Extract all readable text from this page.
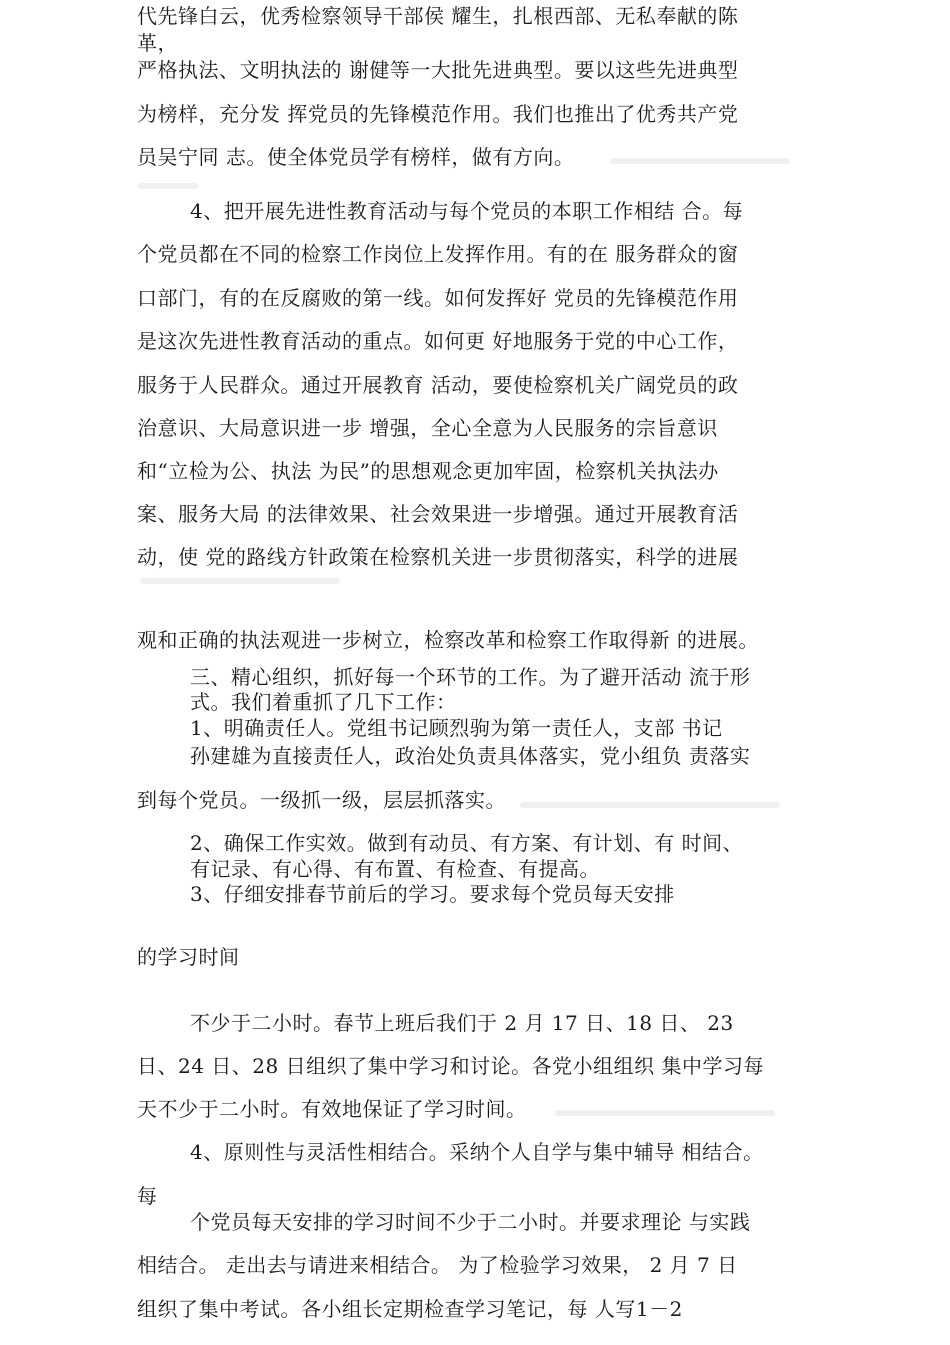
代先锋白云，优秀检察领导干部侯 耀生，扎根西部、无私奉献的陈
革，
严格执法、文明执法的 谢健等一大批先进典型。要以这些先进典型
为榜样，充分发 挥党员的先锋模范作用。我们也推出了优秀共产党
员吴宁同 志。使全体党员学有榜样，做有方向。
4、把开展先进性教育活动与每个党员的本职工作相结 合。每
个党员都在不同的检察工作岗位上发挥作用。有的在 服务群众的窗
口部门，有的在反腐败的第一线。如何发挥好 党员的先锋模范作用
是这次先进性教育活动的重点。如何更 好地服务于党的中心工作，
服务于人民群众。通过开展教育 活动，要使检察机关广阔党员的政
治意识、大局意识进一步 增强，全心全意为人民服务的宗旨意识
和“立检为公、执法 为民”的思想观念更加牢固，检察机关执法办
案、服务大局 的法律效果、社会效果进一步增强。通过开展教育活
动，使 党的路线方针政策在检察机关进一步贯彻落实，科学的进展
观和正确的执法观进一步树立，检察改革和检察工作取得新 的进展。
三、精心组织，抓好每一个环节的工作。为了避开活动 流于形
式。我们着重抓了几下工作：
1、明确责任人。党组书记顾烈驹为第一责任人，支部 书记
孙建雄为直接责任人，政治处负责具体落实，党小组负 责落实
到每个党员。一级抓一级，层层抓落实。
2、确保工作实效。做到有动员、有方案、有计划、有 时间、
有记录、有心得、有布置、有检查、有提高。
3、仔细安排春节前后的学习。要求每个党员每天安排
的学习时间
不少于二小时。春节上班后我们于 2 月 17 日、18 日、 23
日、24 日、28 日组织了集中学习和讨论。各党小组组织 集中学习每
天不少于二小时。有效地保证了学习时间。
4、原则性与灵活性相结合。采纳个人自学与集中辅导 相结合。
每
个党员每天安排的学习时间不少于二小时。并要求理论 与实践
相结合。 走出去与请进来相结合。 为了检验学习效果， 2 月 7 日
组织了集中考试。各小组长定期检查学习笔记，每 人写1－2
